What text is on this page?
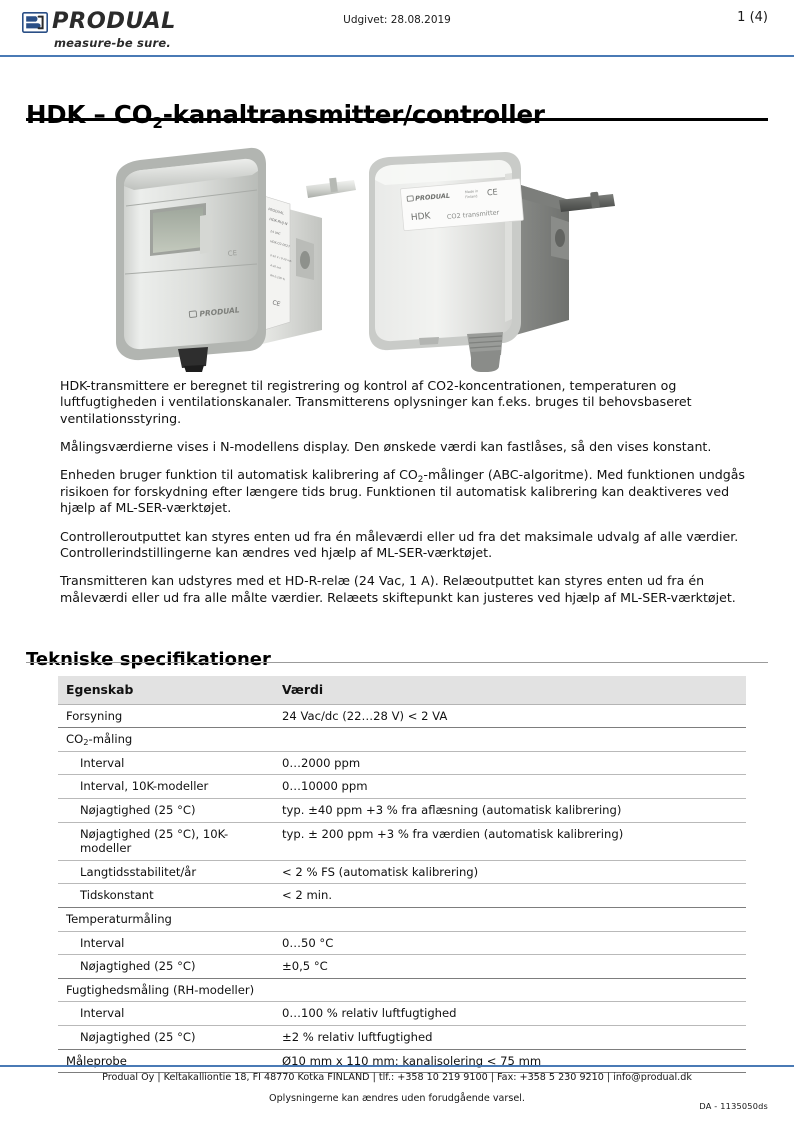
PRODUAL
measure-be sure.
Udgivet: 28.08.2019	1 (4)
HDK – $CO_2-kanaltransmitter$/controller
PRODUAL
HDK-RHJ-N
24 VAC
HDK-O2-0027
0-10 V / 0-20 mA
4-20 mA
RH 0-100 %
CE
PRODUAL
CE
PRODUAL	Made in
Finland CE
HDK CO2 transmitter

HDK-transmittere er beregnet til registrering og kontrol af CO2-koncentrationen, temperaturen og luftfugtigheden i ventilationskanaler. Transmitterens oplysninger kan f.eks. bruges til behovsbaseret ventilationsstyring.

Målingsværdierne vises i N-modellens display. Den ønskede værdi kan fastlåses, så den vises konstant.

Enheden bruger funktion til automatisk kalibrering af $CO_2$-målinger (ABC-algoritme). Med funktionen undgås risikoen for forskydning efter længere tids brug. Funktionen til automatisk kalibrering kan deaktiveres ved hjælp af ML-SER-værktøjet.

Controlleroutputtet kan styres enten ud fra én måleværdi eller ud fra det maksimale udvalg af alle værdier. Controllerindstillingerne kan ændres ved hjælp af ML-SER-værktøjet.

Transmitteren kan udstyres med et HD-R-relæ (24 Vac, 1 A). Relæoutputtet kan styres enten ud fra én måleværdi eller ud fra alle målte værdier. Relæets skiftepunkt kan justeres ved hjælp af ML-SER-værktøjet.

Tekniske specifikationer
Egenskab	Værdi
Forsyning	24 Vac/dc (22…28 V) < 2 VA
$CO_2$-måling	
Interval	0…2000 ppm
Interval, 10K-modeller	0…10000 ppm
Nøjagtighed (25 °C)	typ. ±40 ppm +3 % fra aflæsning (automatisk kalibrering)
Nøjagtighed (25 °C), 10K-modeller	typ. ± 200 ppm +3 % fra værdien (automatisk kalibrering)
Langtidsstabilitet/år	< 2 % FS (automatisk kalibrering)
Tidskonstant	< 2 min.
Temperaturmåling	
Interval	0…50 °C
Nøjagtighed (25 °C)	±0,5 °C
Fugtighedsmåling (RH-modeller)	
Interval	0…100 % relativ luftfugtighed
Nøjagtighed (25 °C)	±2 % relativ luftfugtighed
Måleprobe	Ø10 mm x 110 mm; kanalisolering < 75 mm
Produal Oy | Keltakalliontie 18, FI 48770 Kotka FINLAND | tlf.: +358 10 219 9100 | Fax: +358 5 230 9210 | info@produal.dk
Oplysningerne kan ændres uden forudgående varsel.
DA - 1135050ds
